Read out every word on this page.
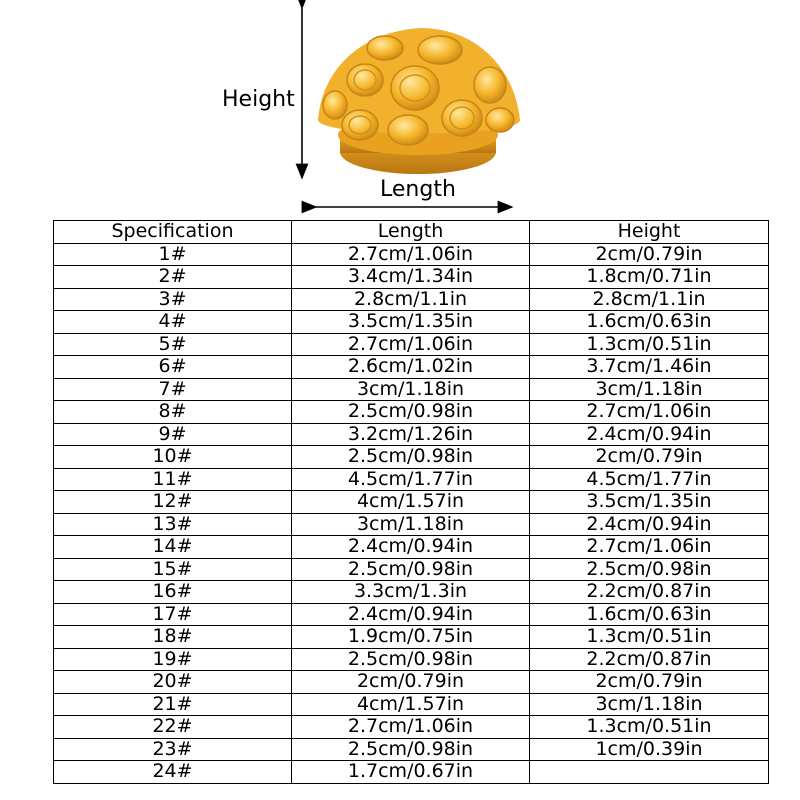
Height
Length
Specification	Length	Height
1#	2.7cm/1.06in	2cm/0.79in
2#	3.4cm/1.34in	1.8cm/0.71in
3#	2.8cm/1.1in	2.8cm/1.1in
4#	3.5cm/1.35in	1.6cm/0.63in
5#	2.7cm/1.06in	1.3cm/0.51in
6#	2.6cm/1.02in	3.7cm/1.46in
7#	3cm/1.18in	3cm/1.18in
8#	2.5cm/0.98in	2.7cm/1.06in
9#	3.2cm/1.26in	2.4cm/0.94in
10#	2.5cm/0.98in	2cm/0.79in
11#	4.5cm/1.77in	4.5cm/1.77in
12#	4cm/1.57in	3.5cm/1.35in
13#	3cm/1.18in	2.4cm/0.94in
14#	2.4cm/0.94in	2.7cm/1.06in
15#	2.5cm/0.98in	2.5cm/0.98in
16#	3.3cm/1.3in	2.2cm/0.87in
17#	2.4cm/0.94in	1.6cm/0.63in
18#	1.9cm/0.75in	1.3cm/0.51in
19#	2.5cm/0.98in	2.2cm/0.87in
20#	2cm/0.79in	2cm/0.79in
21#	4cm/1.57in	3cm/1.18in
22#	2.7cm/1.06in	1.3cm/0.51in
23#	2.5cm/0.98in	1cm/0.39in
24#	1.7cm/0.67in	
